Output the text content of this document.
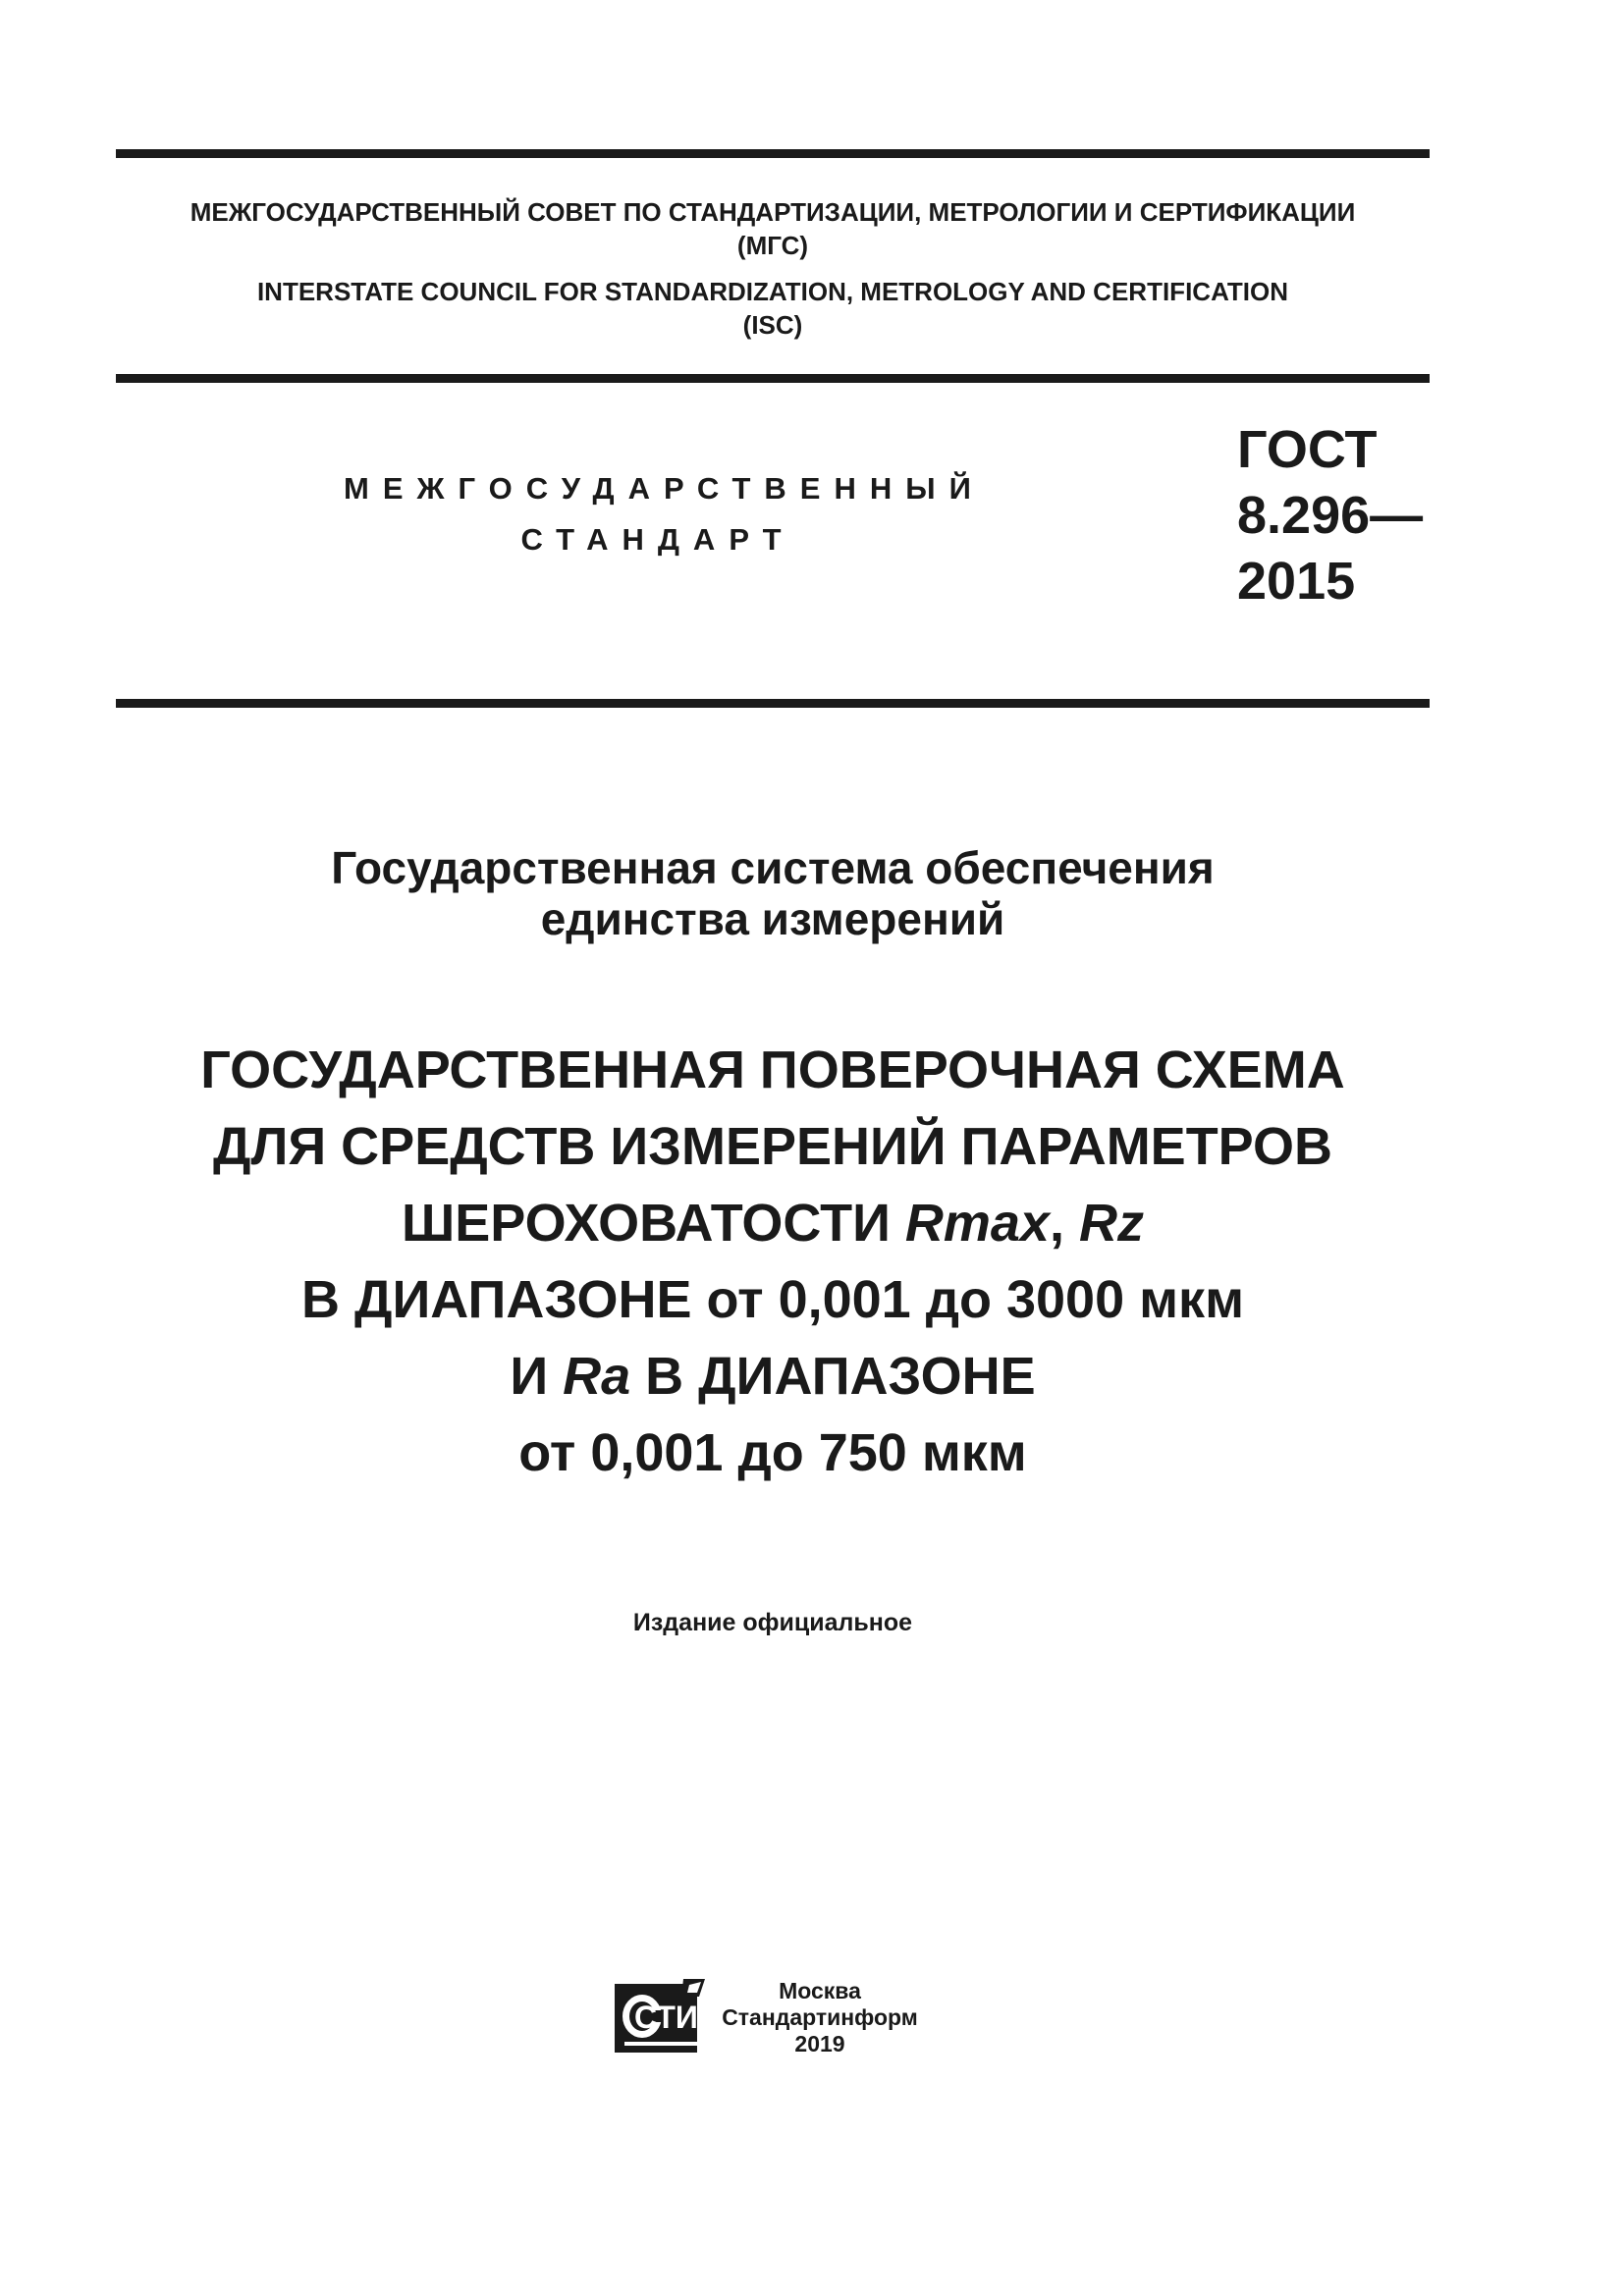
МЕЖГОСУДАРСТВЕННЫЙ СОВЕТ ПО СТАНДАРТИЗАЦИИ, МЕТРОЛОГИИ И СЕРТИФИКАЦИИ
(МГС)
INTERSTATE COUNCIL FOR STANDARDIZATION, METROLOGY AND CERTIFICATION
(ISC)
МЕЖГОСУДАРСТВЕННЫЙ
СТАНДАРТ
ГОСТ
8.296—
2015
Государственная система обеспечения
единства измерений
ГОСУДАРСТВЕННАЯ ПОВЕРОЧНАЯ СХЕМА
ДЛЯ СРЕДСТВ ИЗМЕРЕНИЙ ПАРАМЕТРОВ
ШЕРОХОВАТОСТИ Rmax, Rz
В ДИАПАЗОНЕ от 0,001 до 3000 мкм
И Ra В ДИАПАЗОНЕ
от 0,001 до 750 мкм
Издание официальное
СТИ
Москва
Стандартинформ
2019
